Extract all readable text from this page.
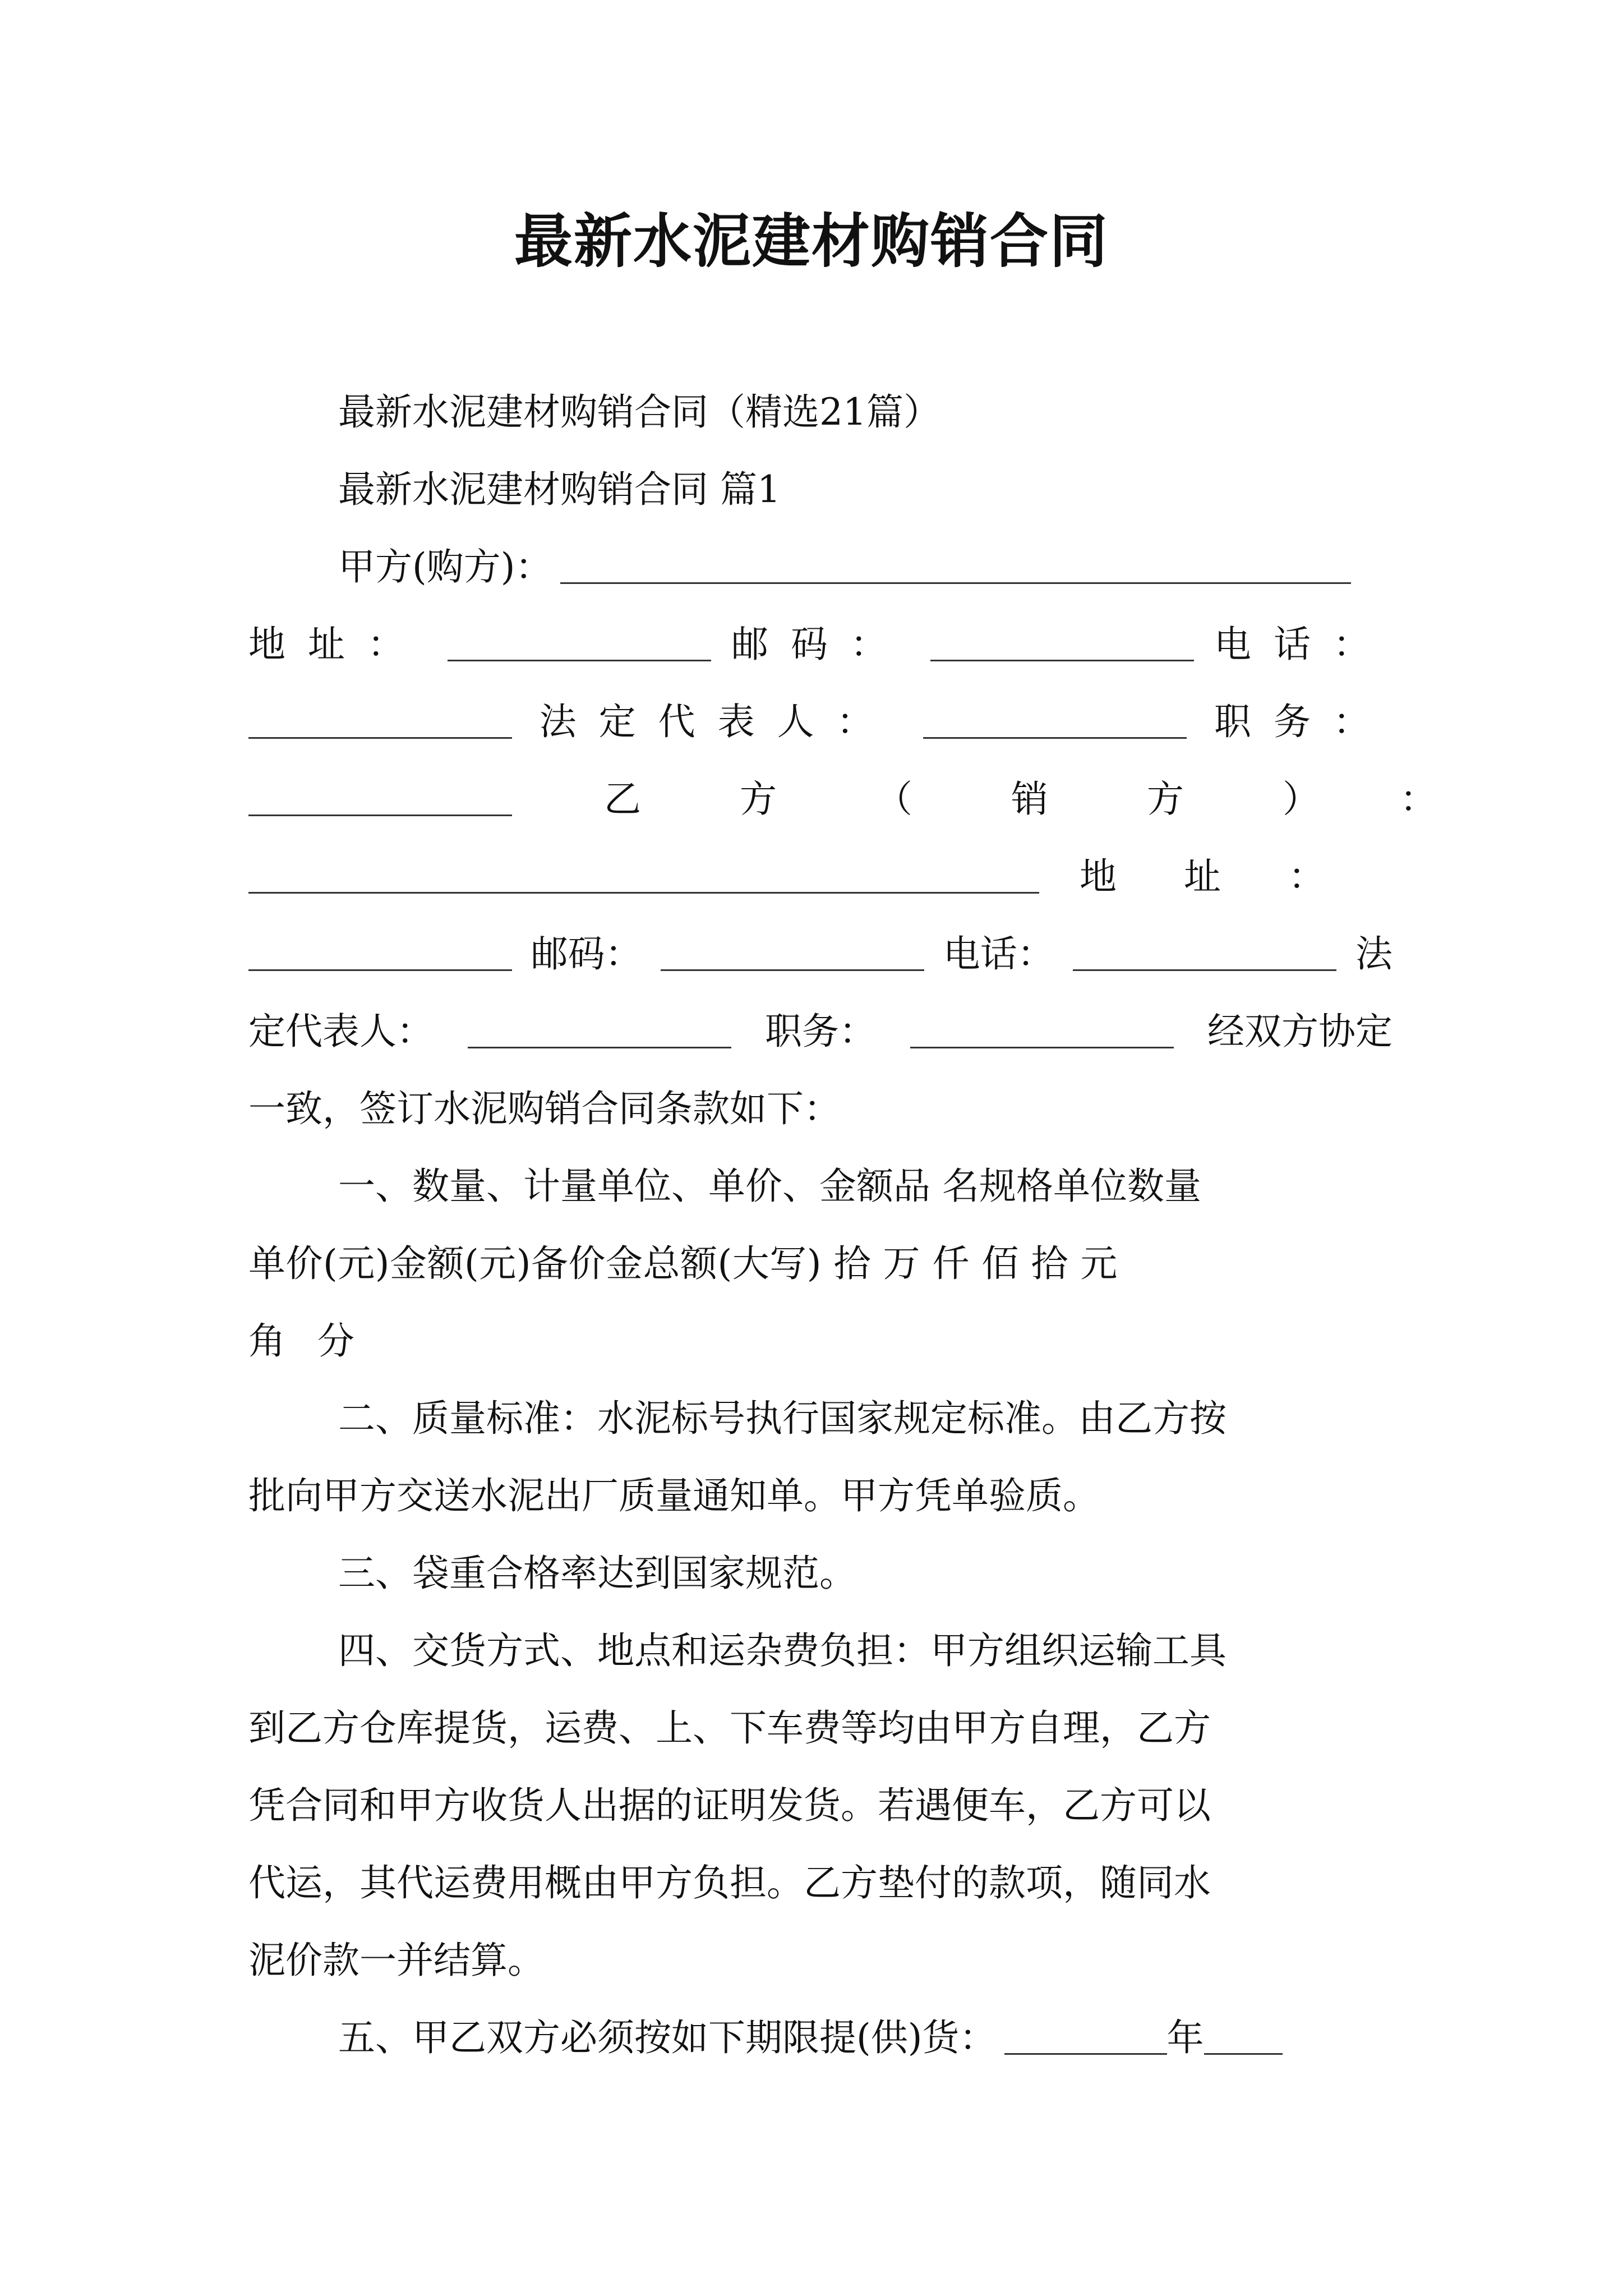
最新水泥建材购销合同
最新水泥建材购销合同（精选21篇）
最新水泥建材购销合同 篇1
甲方(购方)：
地址：	邮码：	电话：
法定代表人：	职务：
乙方（销方）：
地址：
邮码：	电话：	法
定代表人：	职务：	经双方协定
一致，签订水泥购销合同条款如下：
一、数量、计量单位、单价、金额品 名规格单位数量
单价(元)金额(元)备价金总额(大写) 拾 万 仟 佰 拾 元
角 分
二、质量标准：水泥标号执行国家规定标准。由乙方按
批向甲方交送水泥出厂质量通知单。甲方凭单验质。
三、袋重合格率达到国家规范。
四、交货方式、地点和运杂费负担：甲方组织运输工具
到乙方仓库提货，运费、上、下车费等均由甲方自理，乙方
凭合同和甲方收货人出据的证明发货。若遇便车，乙方可以
代运，其代运费用概由甲方负担。乙方垫付的款项，随同水
泥价款一并结算。
五、甲乙双方必须按如下期限提(供)货：	年
